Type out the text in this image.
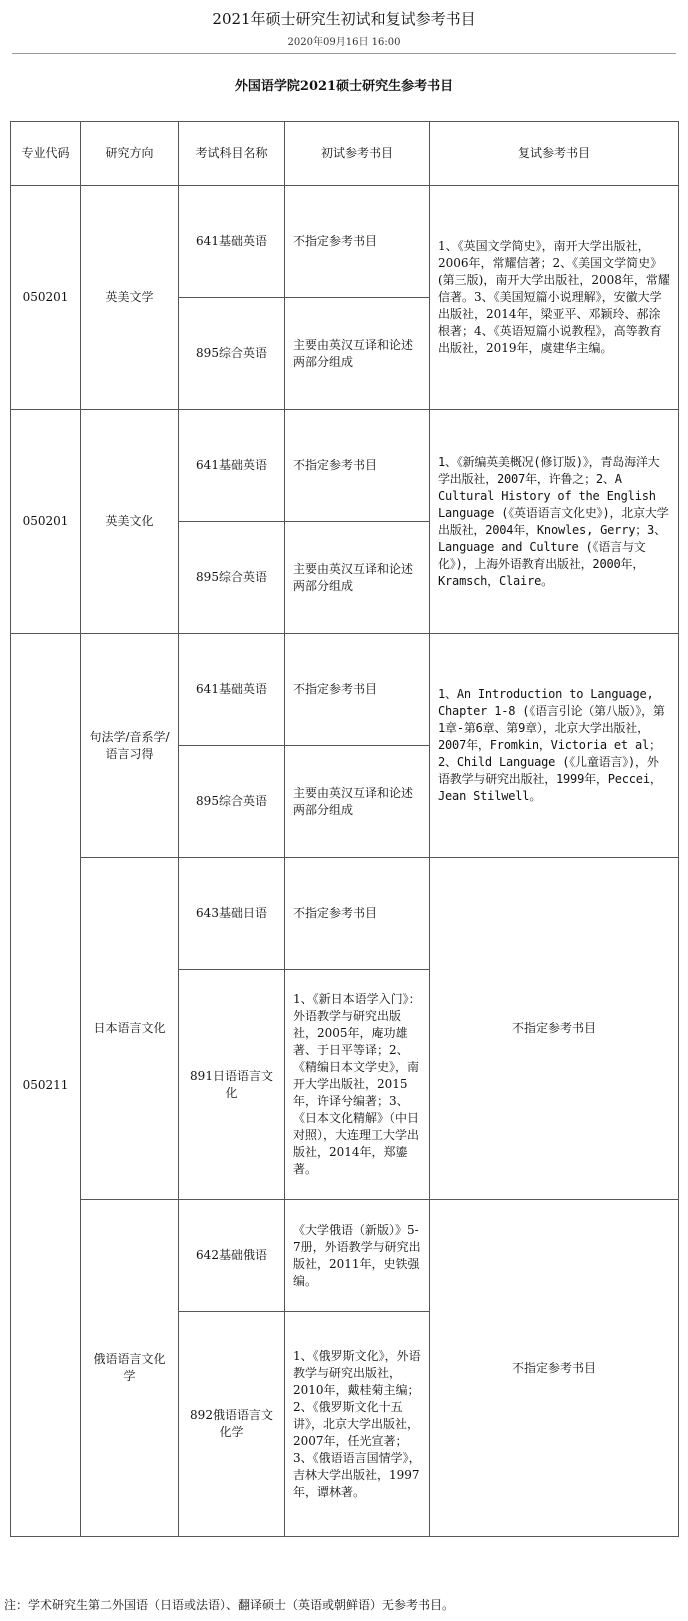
2021年硕士研究生初试和复试参考书目
2020年09月16日 16:00
外国语学院2021硕士研究生参考书目
专业代码	研究方向	考试科目名称	初试参考书目	复试参考书目
050201	英美文学	641基础英语	不指定参考书目	1、《英国文学简史》，南开大学出版社，2006年，常耀信著；2、《美国文学简史》(第三版)，南开大学出版社，2008年，常耀信著。3、《美国短篇小说理解》，安徽大学出版社，2014年，梁亚平、邓颖玲、郝涂根著；4、《英语短篇小说教程》，高等教育出版社，2019年，虞建华主编。
		895综合英语	主要由英汉互译和论述两部分组成	
050201	英美文化	641基础英语	不指定参考书目	1、《新编英美概况(修订版)》，青岛海洋大学出版社，2007年，许鲁之；2、A Cultural History of the English Language (《英语语言文化史》)，北京大学出版社，2004年，Knowles, Gerry；3、Language and Culture (《语言与文化》)，上海外语教育出版社，2000年，Kramsch，Claire。
		895综合英语	主要由英汉互译和论述两部分组成	
050211	句法学/音系学/语言习得	641基础英语	不指定参考书目	1、An Introduction to Language, Chapter 1-8 (《语言引论（第八版）》，第1章-第6章、第9章），北京大学出版社，2007年，Fromkin，Victoria et al；2、Child Language (《儿童语言》)，外语教学与研究出版社，1999年，Peccei，Jean Stilwell。
		895综合英语	主要由英汉互译和论述两部分组成	
	日本语言文化	643基础日语	不指定参考书目	不指定参考书目
		891日语语言文化	1、《新日本语学入门》：外语教学与研究出版社，2005年，庵功雄著、于日平等译；2、《精编日本文学史》，南开大学出版社，2015年，许译兮编著；3、《日本文化精解》（中日对照），大连理工大学出版社，2014年，郑鎏著。	
	俄语语言文化学	642基础俄语	《大学俄语（新版）》5-7册，外语教学与研究出版社，2011年，史铁强编。	不指定参考书目
		892俄语语言文化学	1、《俄罗斯文化》，外语教学与研究出版社，2010年，戴桂菊主编；2、《俄罗斯文化十五讲》，北京大学出版社，2007年，任光宣著；3、《俄语语言国情学》，吉林大学出版社，1997年，谭林著。	
注：学术研究生第二外国语（日语或法语）、翻译硕士（英语或朝鲜语）无参考书目。
